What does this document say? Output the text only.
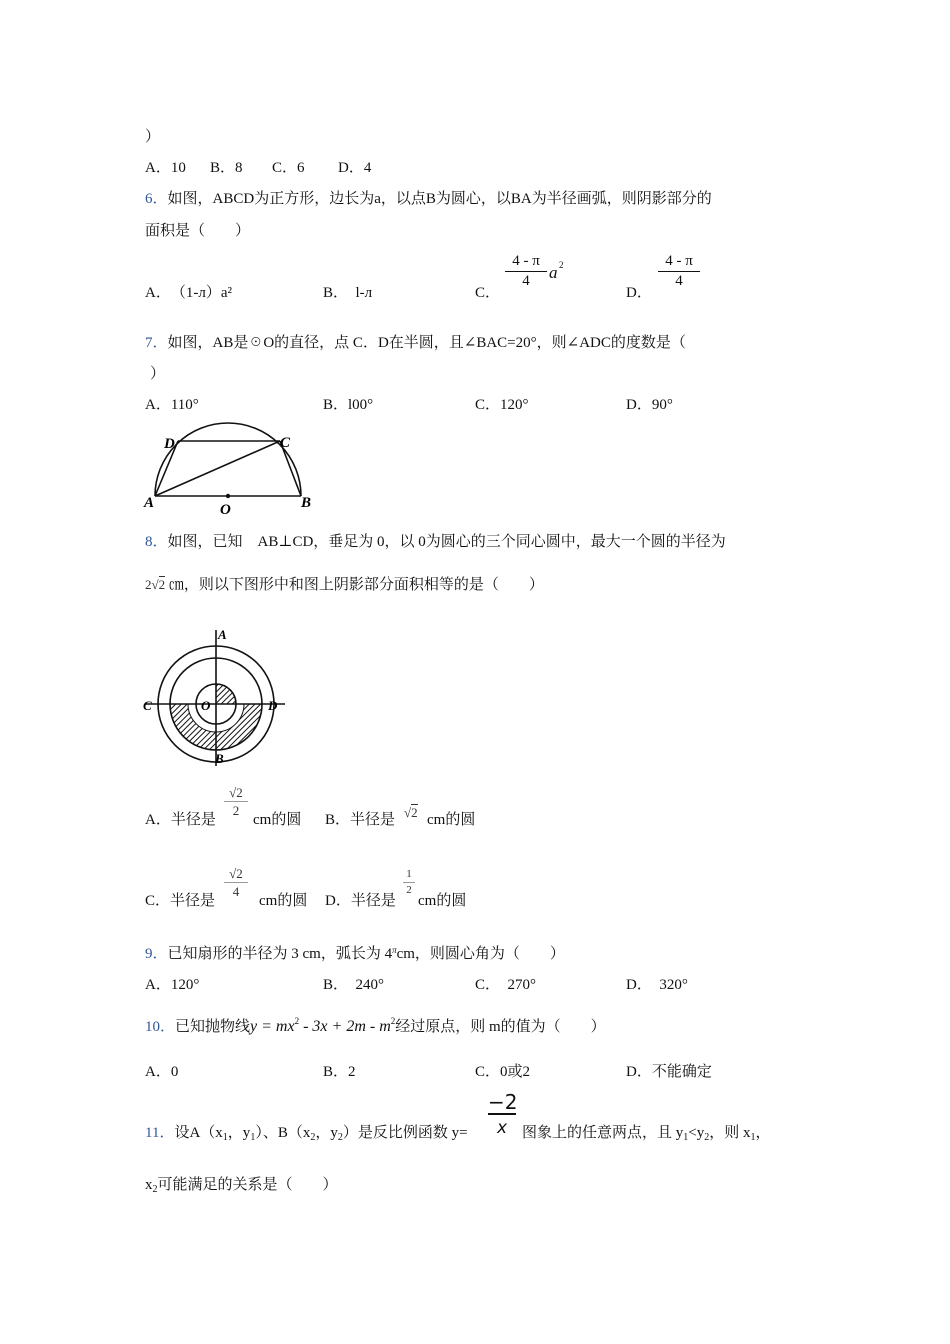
）
A．10 B．8 C．6 D．4
6．如图，ABCD为正方形，边长为a，以点B为圆心，以BA为半径画弧，则阴影部分的
面积是（　　）
A．　（1-л）a²	B．　l-л	C．
4 - π
4	a 2
D．
4 - π
4
7．如图，AB是☉O的直径，点 C．D在半圆，且∠BAC=20°，则∠ADC的度数是（
）
A．110°	B．l00°	C．120°	D．90°
D	C
A	B
O
8．如图，已知　AB⊥CD，垂足为 0，以 0为圆心的三个同心圆中，最大一个圆的半径为
2√2 ㎝，则以下图形中和图上阴影部分面积相等的是（　　）
A
B
C	D
O
A．半径是
√2
2
cm的圆 B．半径是 √2 cm的圆
C．半径是
√2
4
cm的圆 D．半径是
1
2
cm的圆
9．已知扇形的半径为 3 cm，弧长为 $4^\pi cm$，则圆心角为（　　）
A．120°	B．　240°	C．　270°	D．　320°
10．已知抛物线$y = mx^2 - 3x + 2m - m^2$经过原点，则 m的值为（　　）
A．0	B．2	C．0或2	D．不能确定
11．设$A(x_1$，$y_1$）、$B(x_2$，$y_2$）是反比例函数 y=
−2
x 图象上的任意两点，且 $y_1<y_2$，则 $x_1$，
$x_2$可能满足的关系是（　　）
